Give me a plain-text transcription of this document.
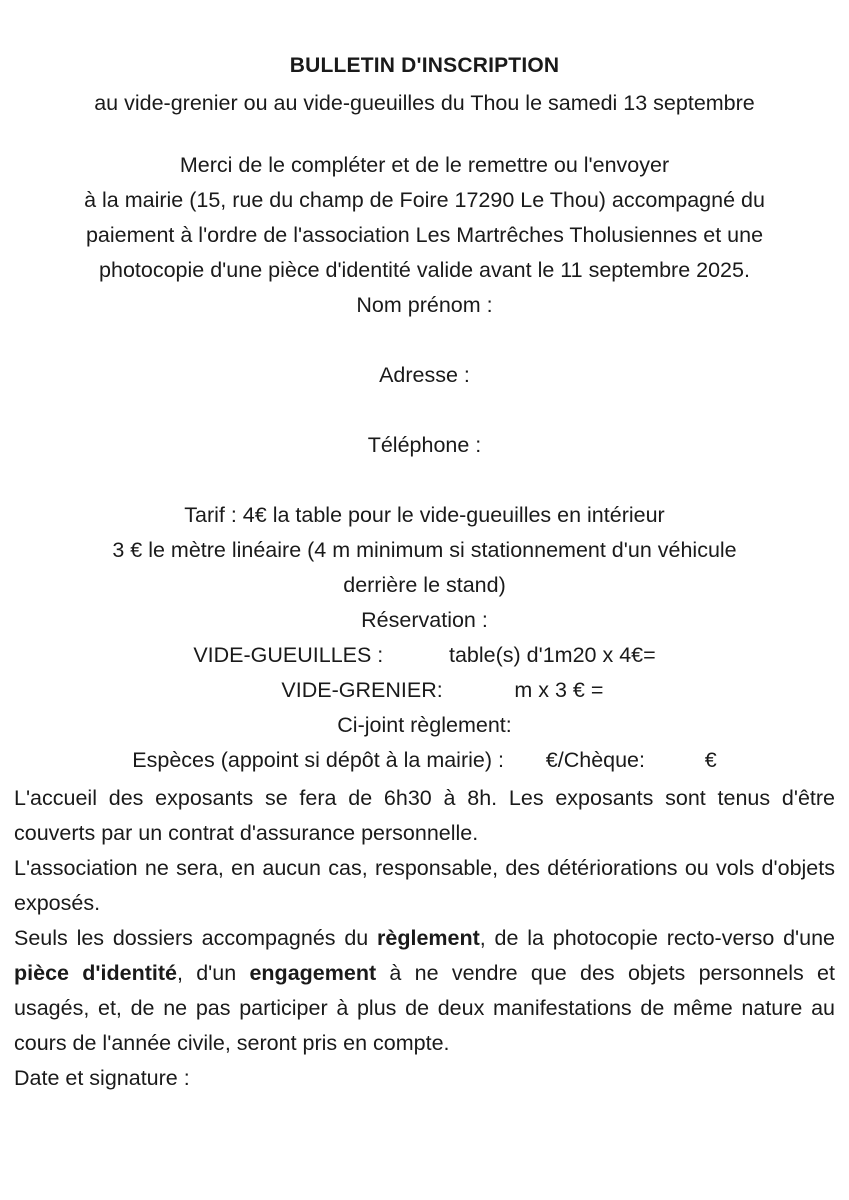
BULLETIN D'INSCRIPTION
au vide-grenier ou au vide-gueuilles du Thou le samedi 13 septembre
Merci de le compléter et de le remettre ou l'envoyer
à la mairie (15, rue du champ de Foire 17290 Le Thou) accompagné du
paiement à l'ordre de l'association Les Martrêches Tholusiennes et une
photocopie d'une pièce d'identité valide avant le 11 septembre 2025.
Nom prénom :
Adresse :
Téléphone :
Tarif : 4€ la table pour le vide-gueuilles en intérieur
3 € le mètre linéaire (4 m minimum si stationnement d'un véhicule
derrière le stand)
Réservation :
VIDE-GUEUILLES :           table(s) d'1m20 x 4€=
VIDE-GRENIER:            m x 3 € =
Ci-joint règlement:
Espèces (appoint si dépôt à la mairie) :       €/Chèque:          €

L'accueil des exposants se fera de 6h30 à 8h. Les exposants sont tenus d'être couverts par un contrat d'assurance personnelle.

L'association ne sera, en aucun cas, responsable, des détériorations ou vols d'objets exposés.

Seuls les dossiers accompagnés du règlement, de la photocopie recto-verso d'une pièce d'identité, d'un engagement à ne vendre que des objets personnels et usagés, et, de ne pas participer à plus de deux manifestations de même nature au cours de l'année civile, seront pris en compte.

Date et signature :
